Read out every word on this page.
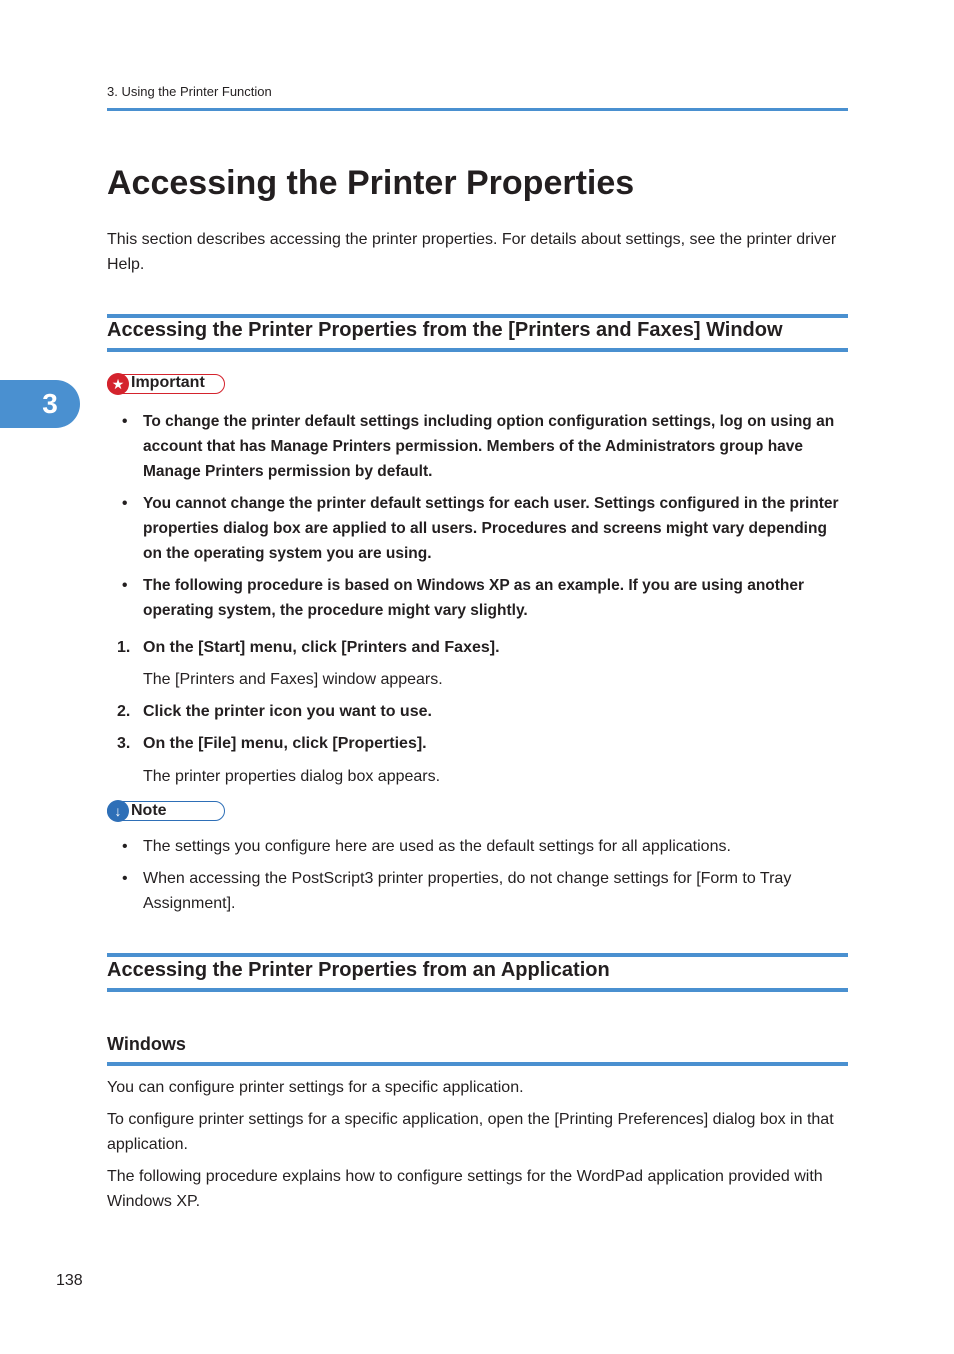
3. Using the Printer Function
3
Accessing the Printer Properties

This section describes accessing the printer properties. For details about settings, see the printer driver Help.

Accessing the Printer Properties from the [Printers and Faxes] Window
★ Important
• To change the printer default settings including option configuration settings, log on using an account that has Manage Printers permission. Members of the Administrators group have Manage Printers permission by default.
• You cannot change the printer default settings for each user. Settings configured in the printer properties dialog box are applied to all users. Procedures and screens might vary depending on the operating system you are using.
• The following procedure is based on Windows XP as an example. If you are using another operating system, the procedure might vary slightly.
1. On the [Start] menu, click [Printers and Faxes].
The [Printers and Faxes] window appears.
2. Click the printer icon you want to use.
3. On the [File] menu, click [Properties].
The printer properties dialog box appears.
↓ Note
• The settings you configure here are used as the default settings for all applications.
• When accessing the PostScript3 printer properties, do not change settings for [Form to Tray Assignment].
Accessing the Printer Properties from an Application
Windows

You can configure printer settings for a specific application.

To configure printer settings for a specific application, open the [Printing Preferences] dialog box in that application.

The following procedure explains how to configure settings for the WordPad application provided with Windows XP.

138
